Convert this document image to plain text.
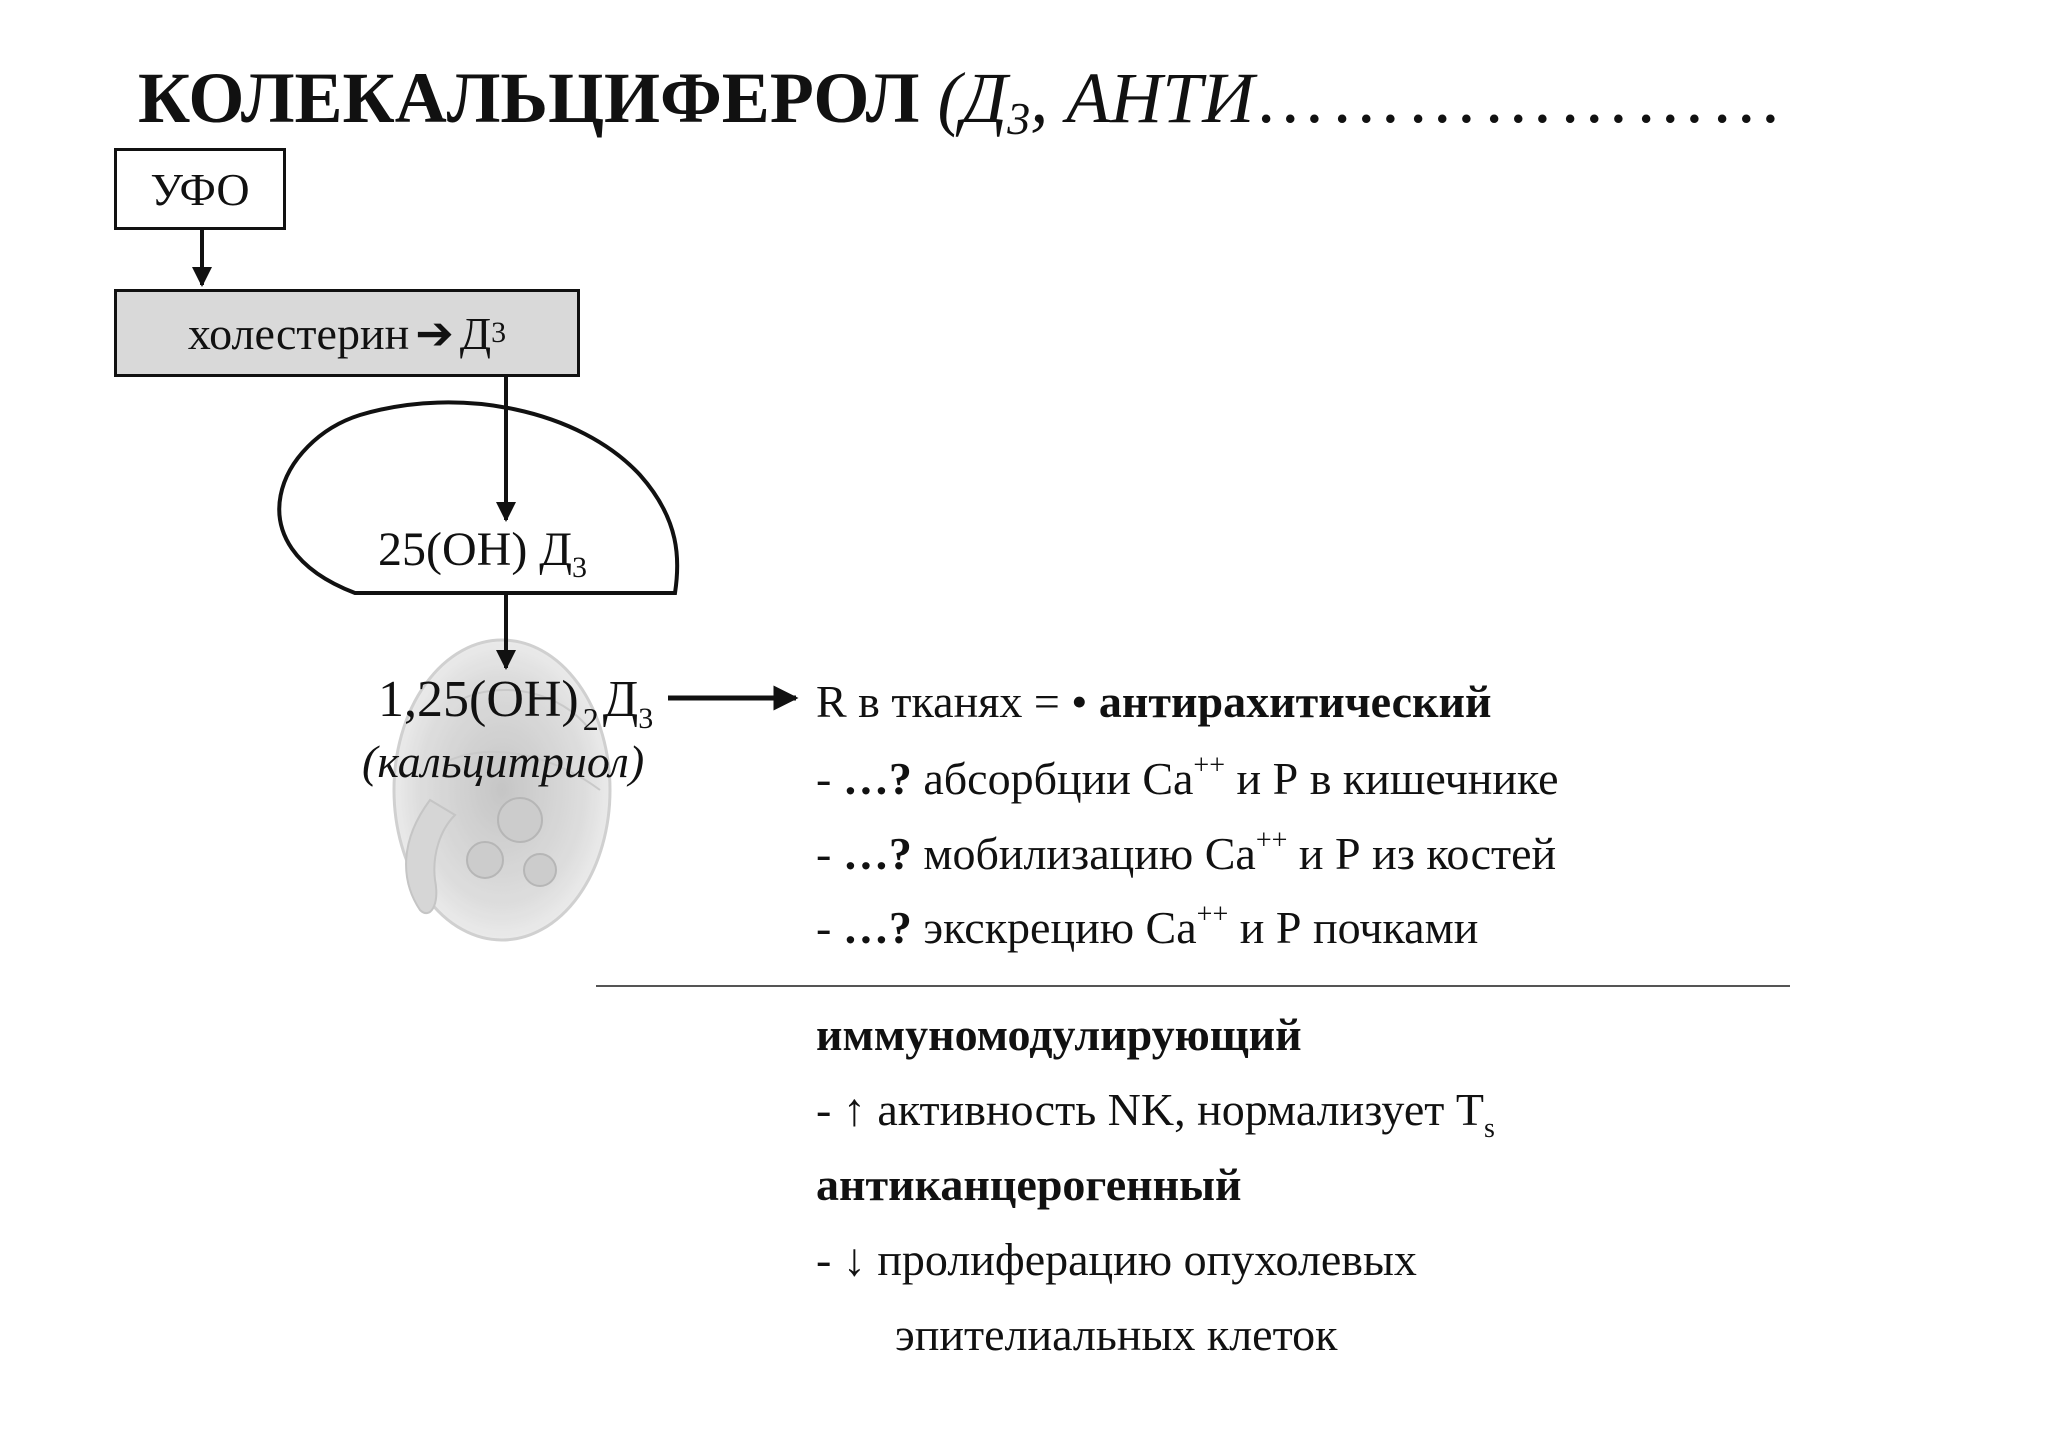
КОЛЕКАЛЬЦИФЕРОЛ (Д3, АНТИ…………………
УФО
холестерин ➔ Д 3
25(OH) $Д_3$
1,25(OH) $_2Д_3$
(кальцитриол)
R в тканях = • антирахитический
- …? абсорбции Ca++ и Р в кишечнике
- …? мобилизацию Ca++ и Р из костей
- …? экскрецию Ca++ и Р почками
иммуномодулирующий
- ↑ активность NK, нормализует $T_s$
антиканцерогенный
- ↓ пролиферацию опухолевых
эпителиальных клеток
